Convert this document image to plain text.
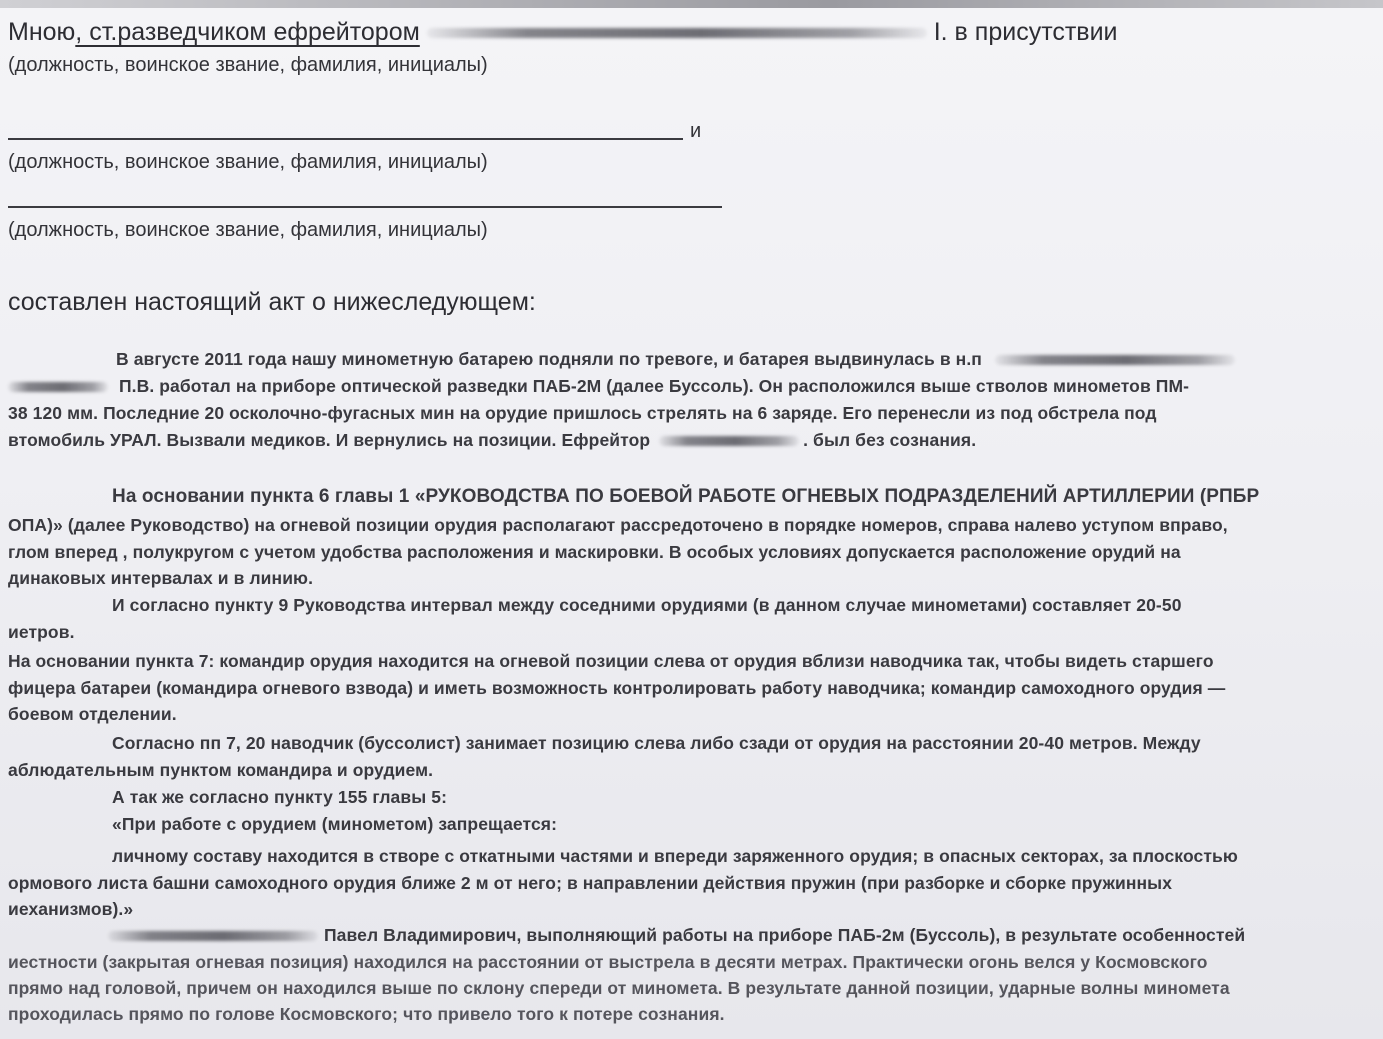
Мною, ст.разведчиком ефрейтором	I. в присутствии
(должность, воинское звание, фамилия, инициалы)
и
(должность, воинское звание, фамилия, инициалы)
(должность, воинское звание, фамилия, инициалы)
составлен настоящий акт о нижеследующем:
В августе 2011 года нашу минометную батарею подняли по тревоге, и батарея выдвинулась в н.п
П.В. работал на приборе оптической разведки ПАБ-2М (далее Буссоль). Он расположился выше стволов минометов ПМ-
38 120 мм. Последние 20 осколочно-фугасных мин на орудие пришлось стрелять на 6 заряде. Его перенесли из под обстрела под
втомобиль УРАЛ. Вызвали медиков. И вернулись на позиции. Ефрейтор	. был без сознания.
На основании пункта 6 главы 1 «РУКОВОДСТВА ПО БОЕВОЙ РАБОТЕ ОГНЕВЫХ ПОДРАЗДЕЛЕНИЙ АРТИЛЛЕРИИ (РПБР
ОПА)» (далее Руководство) на огневой позиции орудия располагают рассредоточено в порядке номеров, справа налево уступом вправо,
глом вперед , полукругом с учетом удобства расположения и маскировки. В особых условиях допускается расположение орудий на
динаковых интервалах и в линию.
И согласно пункту 9 Руководства интервал между соседними орудиями (в данном случае минометами) составляет 20-50
иетров.
На основании пункта 7: командир орудия находится на огневой позиции слева от орудия вблизи наводчика так, чтобы видеть старшего
фицера батареи (командира огневого взвода) и иметь возможность контролировать работу наводчика; командир самоходного орудия —
боевом отделении.
Согласно пп 7, 20 наводчик (буссолист) занимает позицию слева либо сзади от орудия на расстоянии 20-40 метров. Между
аблюдательным пунктом командира и орудием.
А так же согласно пункту 155 главы 5:
«При работе с орудием (минометом) запрещается:
личному составу находится в створе с откатными частями и впереди заряженного орудия; в опасных секторах, за плоскостью
ормового листа башни самоходного орудия ближе 2 м от него; в направлении действия пружин (при разборке и сборке пружинных
иеханизмов).»
Павел Владимирович, выполняющий работы на приборе ПАБ-2м (Буссоль), в результате особенностей
иестности (закрытая огневая позиция) находился на расстоянии от выстрела в десяти метрах. Практически огонь велся у Космовского
прямо над головой, причем он находился выше по склону спереди от миномета. В результате данной позиции, ударные волны миномета
проходилась прямо по голове Космовского; что привело того к потере сознания.
